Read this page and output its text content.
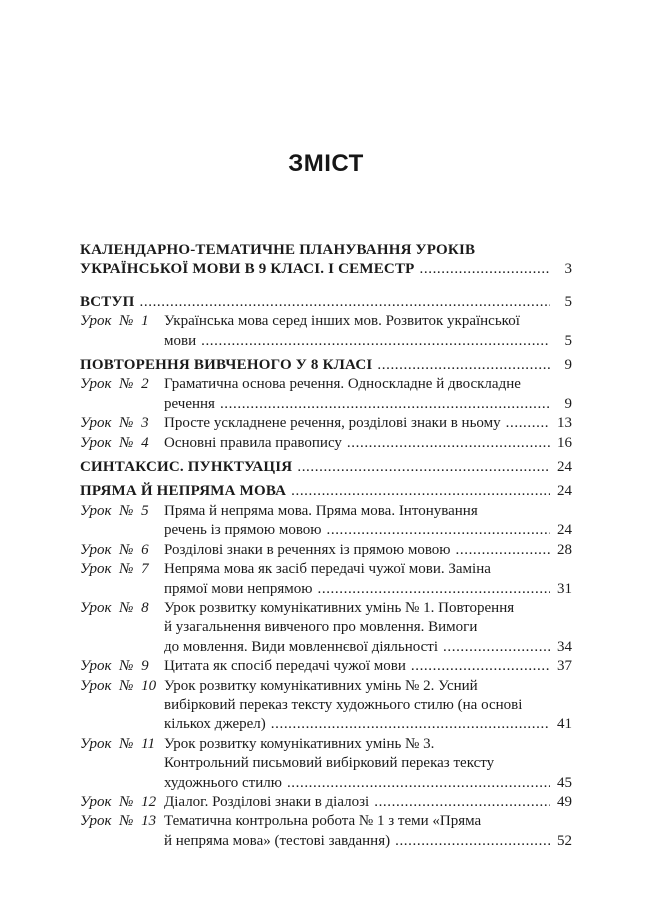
ЗМІСТ
КАЛЕНДАРНО-ТЕМАТИЧНЕ ПЛАНУВАННЯ УРОКІВ
УКРАЇНСЬКОЇ МОВИ В 9 КЛАСІ. І СЕМЕСТР .....	3
ВСТУП .....	5
Урок № 1	Українська мова серед інших мов. Розвиток української
мови .....	5
ПОВТОРЕННЯ ВИВЧЕНОГО У 8 КЛАСІ .....	9
Урок № 2	Граматична основа речення. Односкладне й двоскладне
речення .....	9
Урок № 3	Просте ускладнене речення, розділові знаки в ньому .....	13
Урок № 4	Основні правила правопису .....	16
СИНТАКСИС. ПУНКТУАЦІЯ .....	24
ПРЯМА Й НЕПРЯМА МОВА .....	24
Урок № 5	Пряма й непряма мова. Пряма мова. Інтонування
речень із прямою мовою .....	24
Урок № 6	Розділові знаки в реченнях із прямою мовою .....	28
Урок № 7	Непряма мова як засіб передачі чужої мови. Заміна
прямої мови непрямою .....	31
Урок № 8	Урок розвитку комунікативних умінь № 1. Повторення
й узагальнення вивченого про мовлення. Вимоги
до мовлення. Види мовленнєвої діяльності .....	34
Урок № 9	Цитата як спосіб передачі чужої мови .....	37
Урок № 10 Урок розвитку комунікативних умінь № 2. Усний
вибірковий переказ тексту художнього стилю (на основі
кількох джерел) .....	41
Урок № 11 Урок розвитку комунікативних умінь № 3.
Контрольний письмовий вибірковий переказ тексту
художнього стилю .....	45
Урок № 12 Діалог. Розділові знаки в діалозі .....	49
Урок № 13 Тематична контрольна робота № 1 з теми «Пряма
й непряма мова» (тестові завдання) .....	52
